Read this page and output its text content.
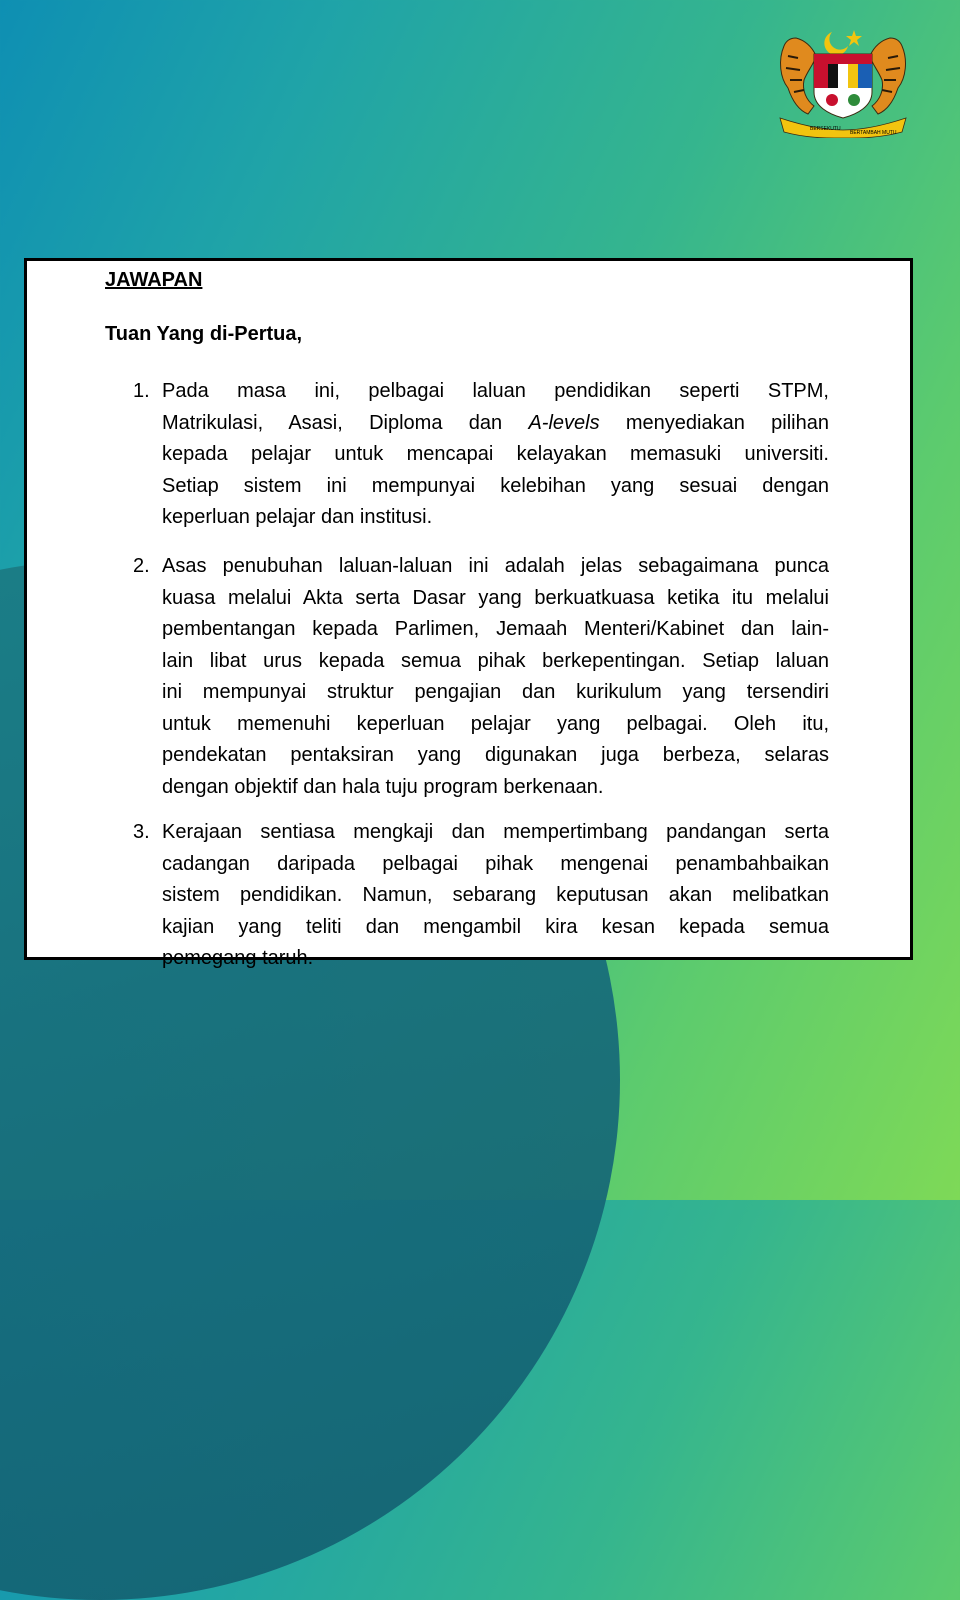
BERSEKUTU
BERTAMBAH MUTU

JAWAPAN

Tuan Yang di-Pertua,

1. Pada masa ini, pelbagai laluan pendidikan seperti STPM,
Matrikulasi, Asasi, Diploma dan A-levels menyediakan pilihan
kepada pelajar untuk mencapai kelayakan memasuki universiti.
Setiap sistem ini mempunyai kelebihan yang sesuai dengan
keperluan pelajar dan institusi.
2. Asas penubuhan laluan-laluan ini adalah jelas sebagaimana punca
kuasa melalui Akta serta Dasar yang berkuatkuasa ketika itu melalui
pembentangan kepada Parlimen, Jemaah Menteri/Kabinet dan lain-
lain libat urus kepada semua pihak berkepentingan. Setiap laluan
ini mempunyai struktur pengajian dan kurikulum yang tersendiri
untuk memenuhi keperluan pelajar yang pelbagai. Oleh itu,
pendekatan pentaksiran yang digunakan juga berbeza, selaras
dengan objektif dan hala tuju program berkenaan.
3. Kerajaan sentiasa mengkaji dan mempertimbang pandangan serta
cadangan daripada pelbagai pihak mengenai penambahbaikan
sistem pendidikan. Namun, sebarang keputusan akan melibatkan
kajian yang teliti dan mengambil kira kesan kepada semua
pemegang taruh.
